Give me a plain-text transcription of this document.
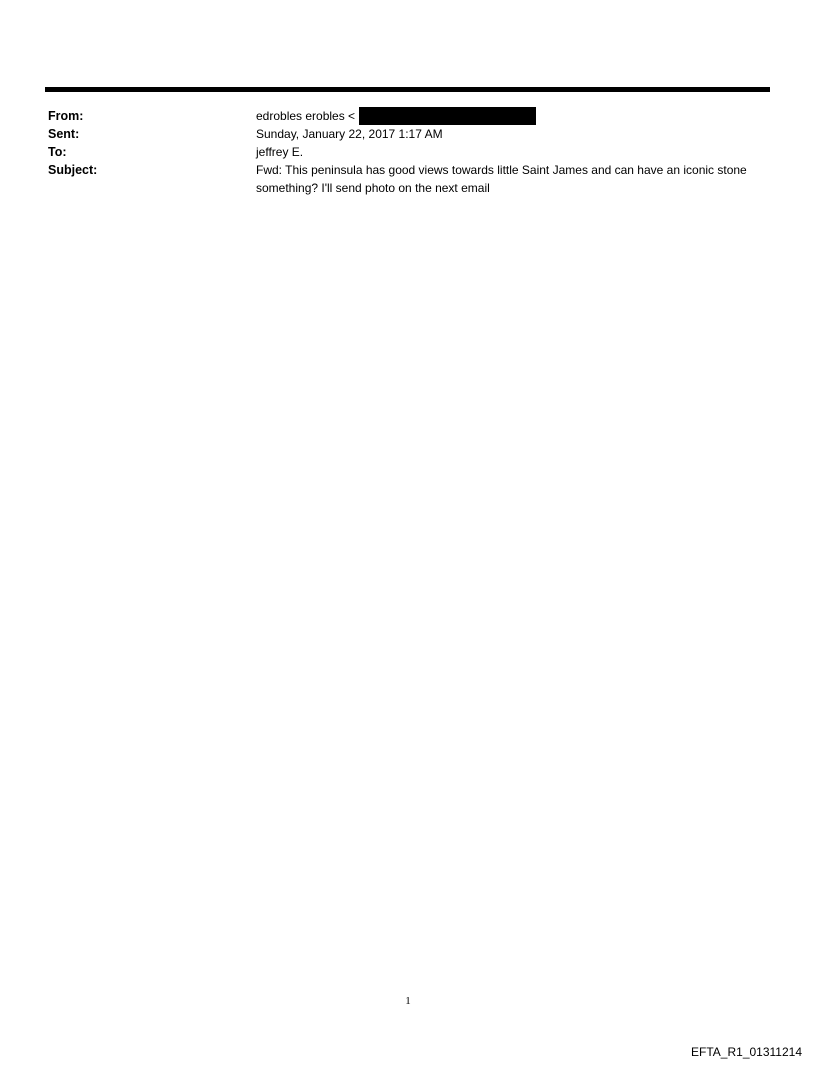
From:	edrobles erobles <
Sent:	Sunday, January 22, 2017 1:17 AM
To:	jeffrey E.
Subject:	Fwd: This peninsula has good views towards little Saint James and can have an iconic stone something? I'll send photo on the next email
1
EFTA_R1_01311214
